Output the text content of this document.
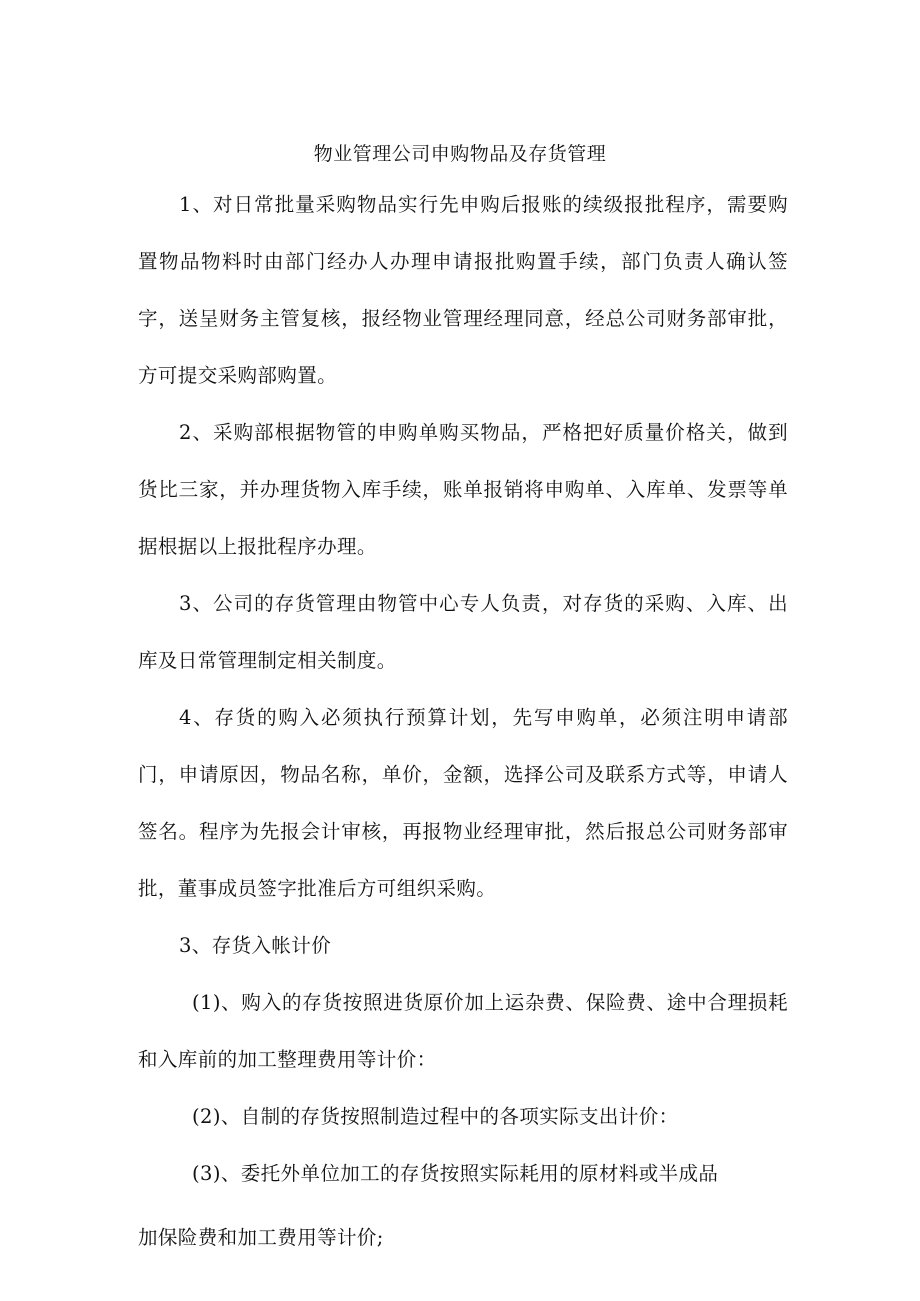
物业管理公司申购物品及存货管理

1、对日常批量采购物品实行先申购后报账的续级报批程序，需要购置物品物料时由部门经办人办理申请报批购置手续，部门负责人确认签字，送呈财务主管复核，报经物业管理经理同意，经总公司财务部审批，方可提交采购部购置。

2、采购部根据物管的申购单购买物品，严格把好质量价格关，做到货比三家，并办理货物入库手续，账单报销将申购单、入库单、发票等单据根据以上报批程序办理。

3、公司的存货管理由物管中心专人负责，对存货的采购、入库、出库及日常管理制定相关制度。

4、存货的购入必须执行预算计划，先写申购单，必须注明申请部门，申请原因，物品名称，单价，金额，选择公司及联系方式等，申请人签名。程序为先报会计审核，再报物业经理审批，然后报总公司财务部审批，董事成员签字批准后方可组织采购。

3、存货入帐计价

(1)、购入的存货按照进货原价加上运杂费、保险费、途中合理损耗和入库前的加工整理费用等计价：

(2)、自制的存货按照制造过程中的各项实际支出计价：

(3)、委托外单位加工的存货按照实际耗用的原材料或半成品

加保险费和加工费用等计价;
